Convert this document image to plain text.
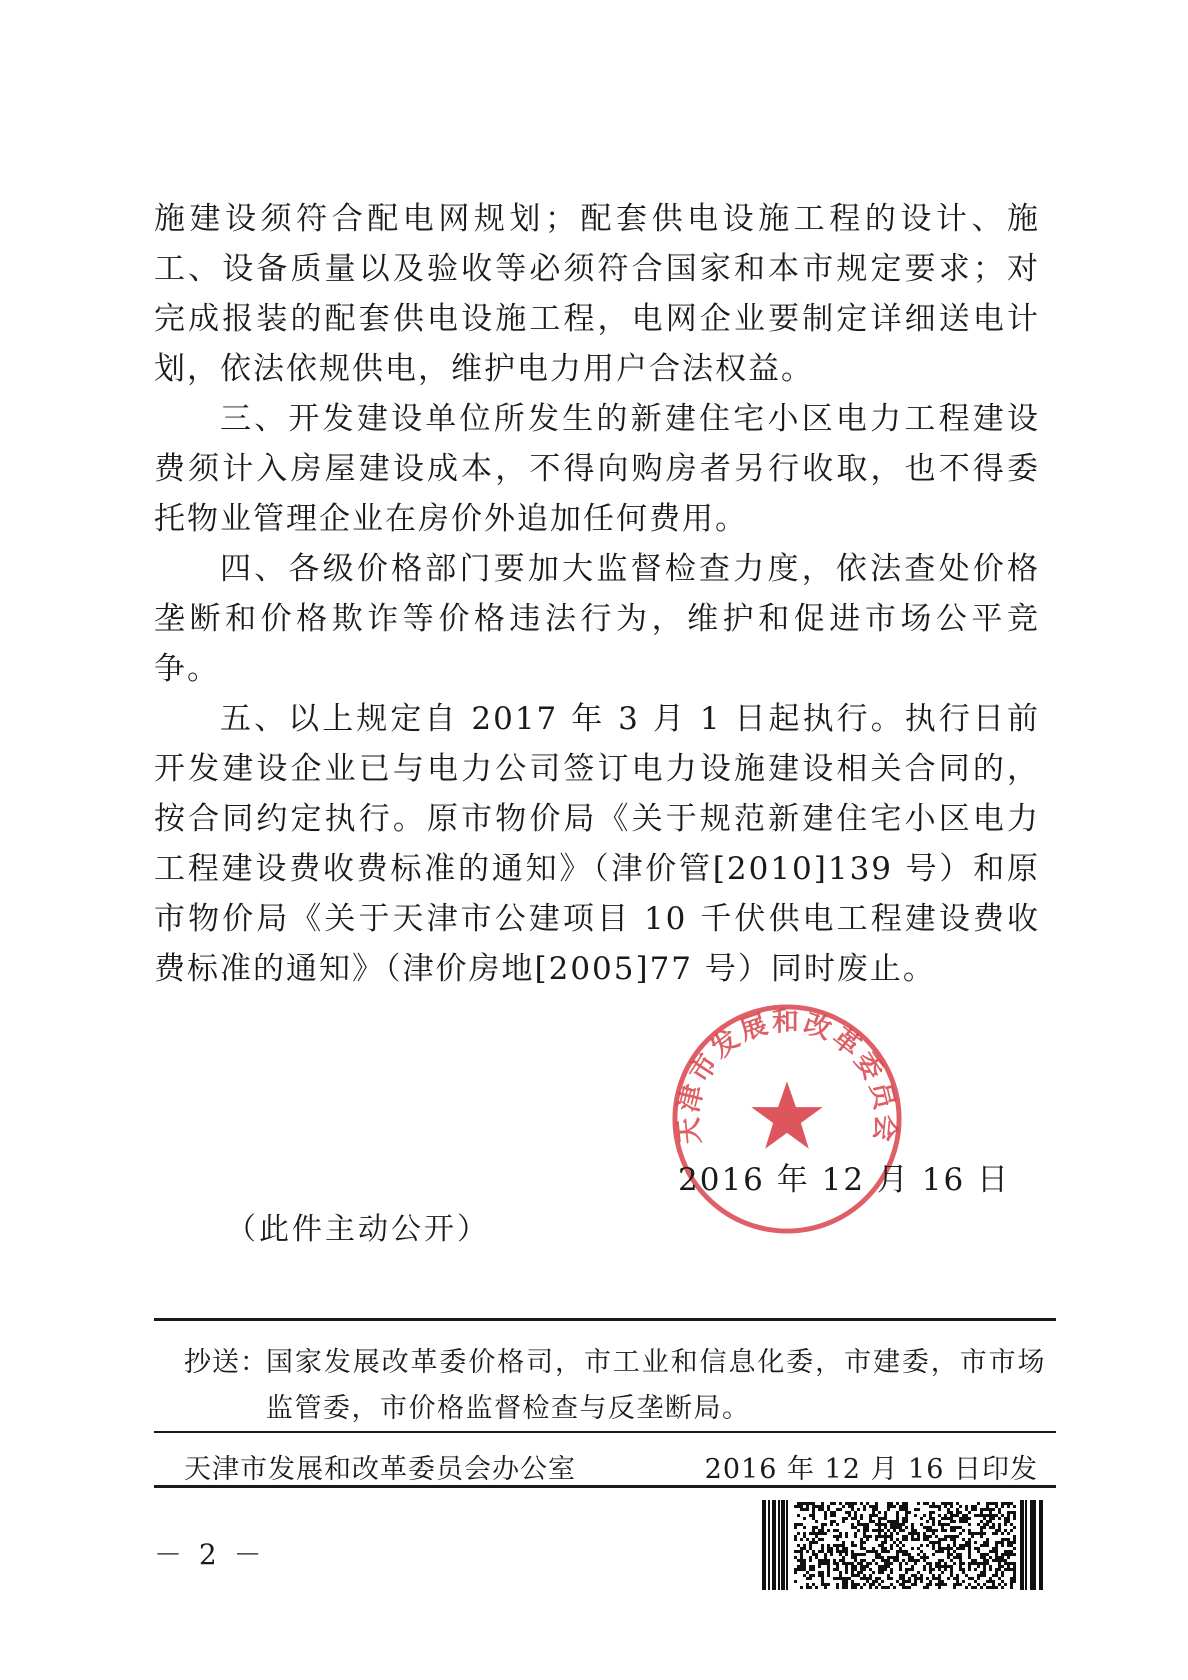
施建设须符合配电网规划；配套供电设施工程的设计、施工、设备质量以及验收等必须符合国家和本市规定要求；对完成报装的配套供电设施工程，电网企业要制定详细送电计划，依法依规供电，维护电力用户合法权益。

三、开发建设单位所发生的新建住宅小区电力工程建设费须计入房屋建设成本，不得向购房者另行收取，也不得委托物业管理企业在房价外追加任何费用。

四、各级价格部门要加大监督检查力度，依法查处价格垄断和价格欺诈等价格违法行为，维护和促进市场公平竞争。

五、以上规定自 2017 年 3 月 1 日起执行。执行日前开发建设企业已与电力公司签订电力设施建设相关合同的，按合同约定执行。原市物价局《关于规范新建住宅小区电力工程建设费收费标准的通知》（津价管[2010]139 号）和原市物价局《关于天津市公建项目 10 千伏供电工程建设费收费标准的通知》（津价房地[2005]77 号）同时废止。

天津市发展和改革委员会
2016 年 12 月 16 日
（此件主动公开）
抄送：
国家发展改革委价格司，市工业和信息化委，市建委，市市场监管委，市价格监督检查与反垄断局。
天津市发展和改革委员会办公室	2016 年 12 月 16 日印发
－ 2 －
